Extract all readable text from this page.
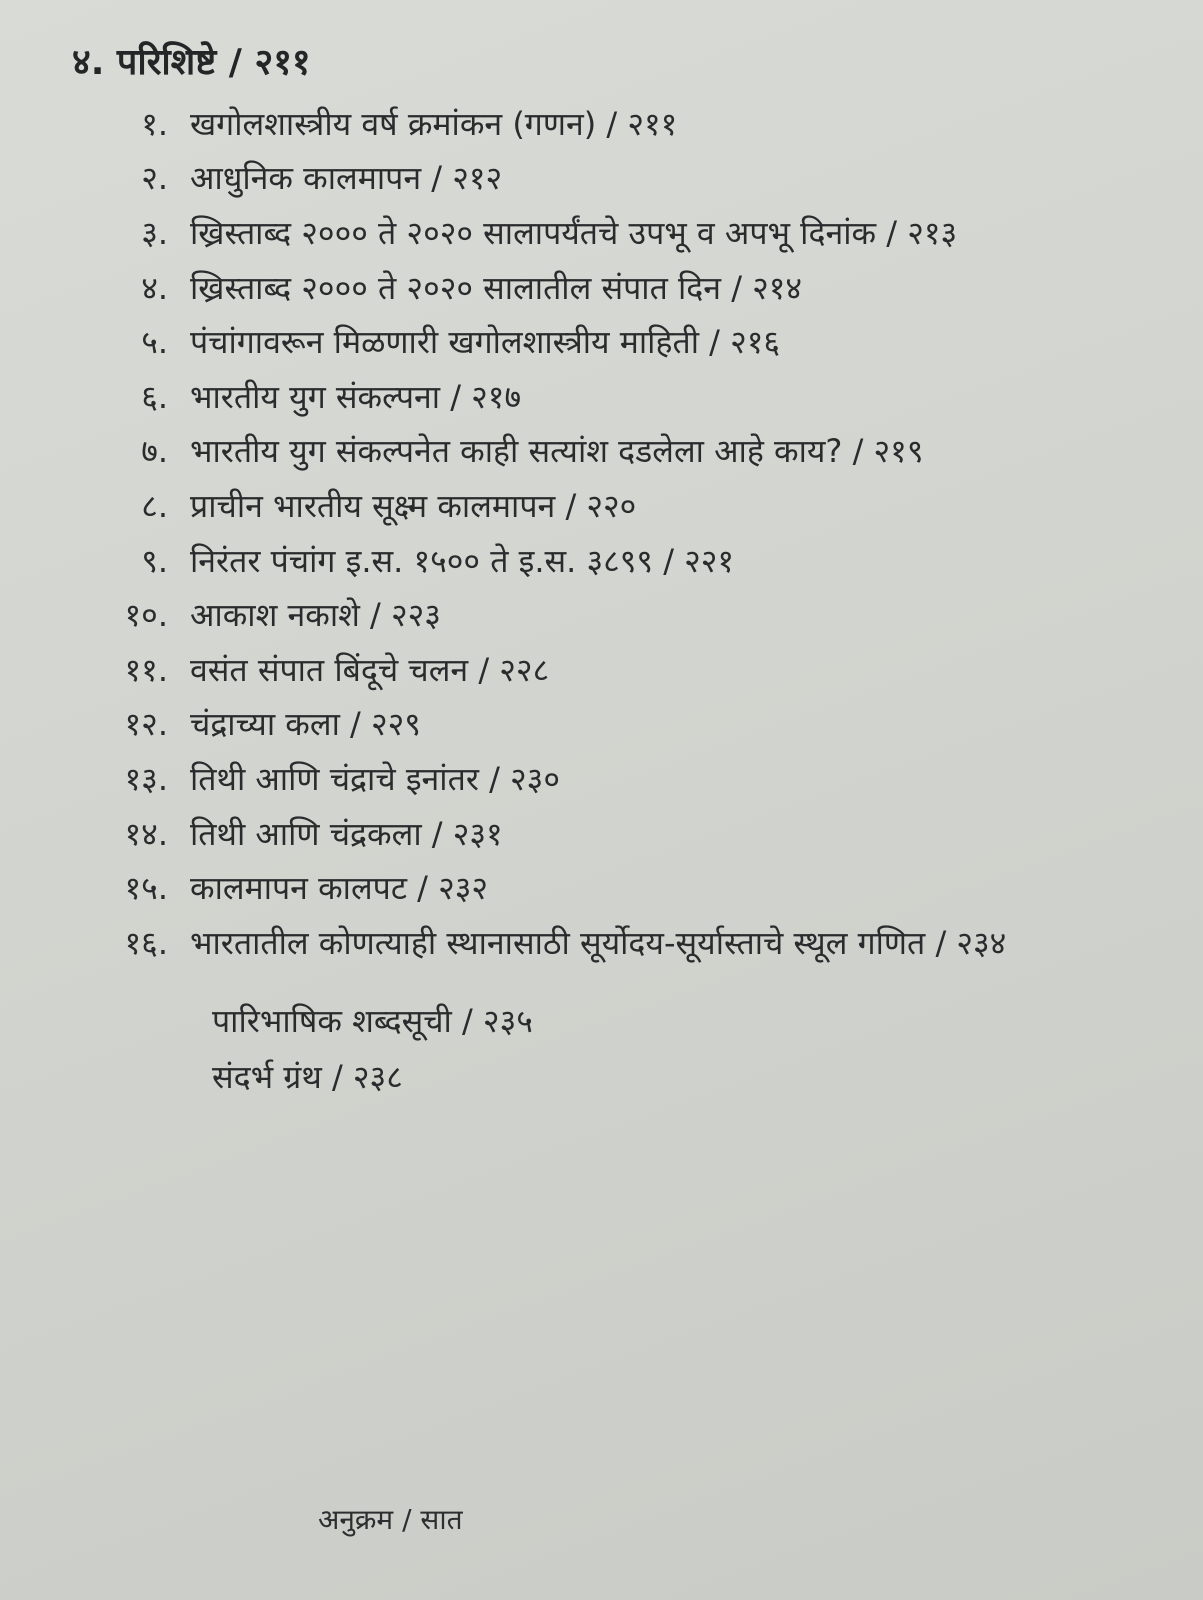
४. परिशिष्टे / २११
१. खगोलशास्त्रीय वर्ष क्रमांकन (गणन) / २११
२. आधुनिक कालमापन / २१२
३. ख्रिस्ताब्द २००० ते २०२० सालापर्यंतचे उपभू व अपभू दिनांक / २१३
४. ख्रिस्ताब्द २००० ते २०२० सालातील संपात दिन / २१४
५. पंचांगावरून मिळणारी खगोलशास्त्रीय माहिती / २१६
६. भारतीय युग संकल्पना / २१७
७. भारतीय युग संकल्पनेत काही सत्यांश दडलेला आहे काय? / २१९
८. प्राचीन भारतीय सूक्ष्म कालमापन / २२०
९. निरंतर पंचांग इ.स. १५०० ते इ.स. ३८९९ / २२१
१०. आकाश नकाशे / २२३
११. वसंत संपात बिंदूचे चलन / २२८
१२. चंद्राच्या कला / २२९
१३. तिथी आणि चंद्राचे इनांतर / २३०
१४. तिथी आणि चंद्रकला / २३१
१५. कालमापन कालपट / २३२
१६. भारतातील कोणत्याही स्थानासाठी सूर्योदय-सूर्यास्ताचे स्थूल गणित / २३४
पारिभाषिक शब्दसूची / २३५
संदर्भ ग्रंथ / २३८
अनुक्रम / सात
